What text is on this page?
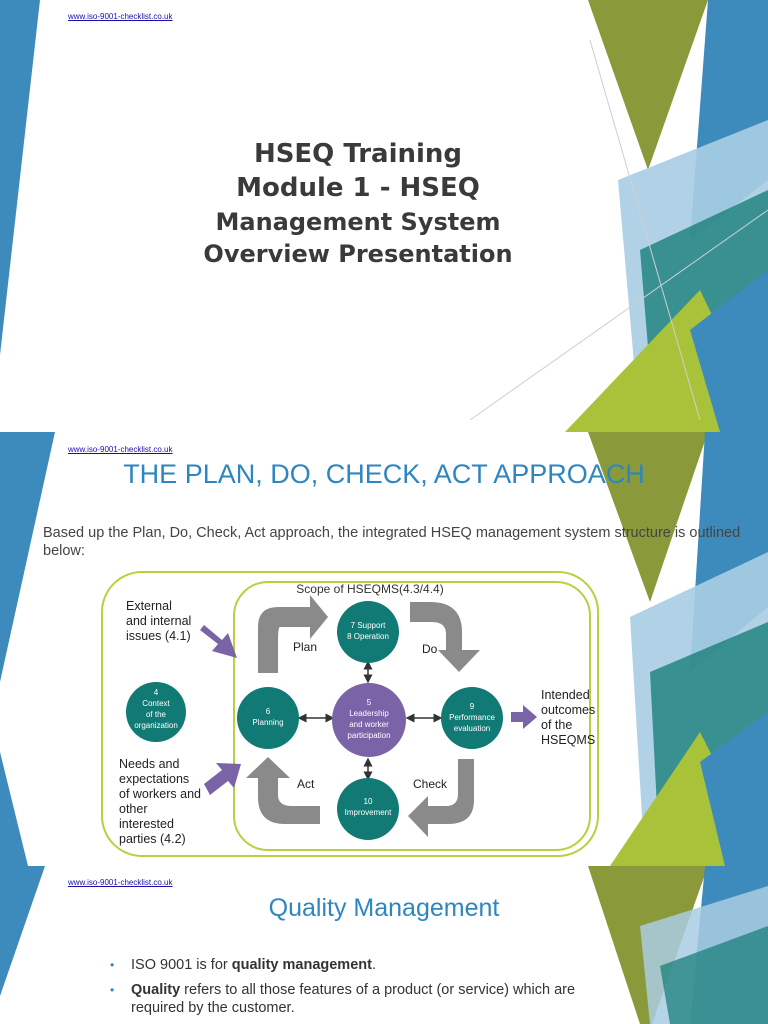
www.iso-9001-checklist.co.uk
HSEQ Training
Module 1 - HSEQ
Management System
Overview Presentation
www.iso-9001-checklist.co.uk
THE PLAN, DO, CHECK, ACT APPROACH
Based up the Plan, Do, Check, Act approach, the integrated HSEQ management system structure is outlined below:
Scope of HSEQMS(4.3/4.4)
4
Context
of the
organization
7 Support
8 Operation
6
Planning
5
Leadership
and worker
participation
9
Performance
evaluation
10
Improvement
Plan	Do
Check
Act
External
and internal
issues (4.1)
Needs and
expectations
of workers and
other
interested
parties (4.2)
Intended
outcomes
of the
HSEQMS
www.iso-9001-checklist.co.uk
Quality Management
• ISO 9001 is for quality management.
• Quality refers to all those features of a product (or service) which are required by the customer.
